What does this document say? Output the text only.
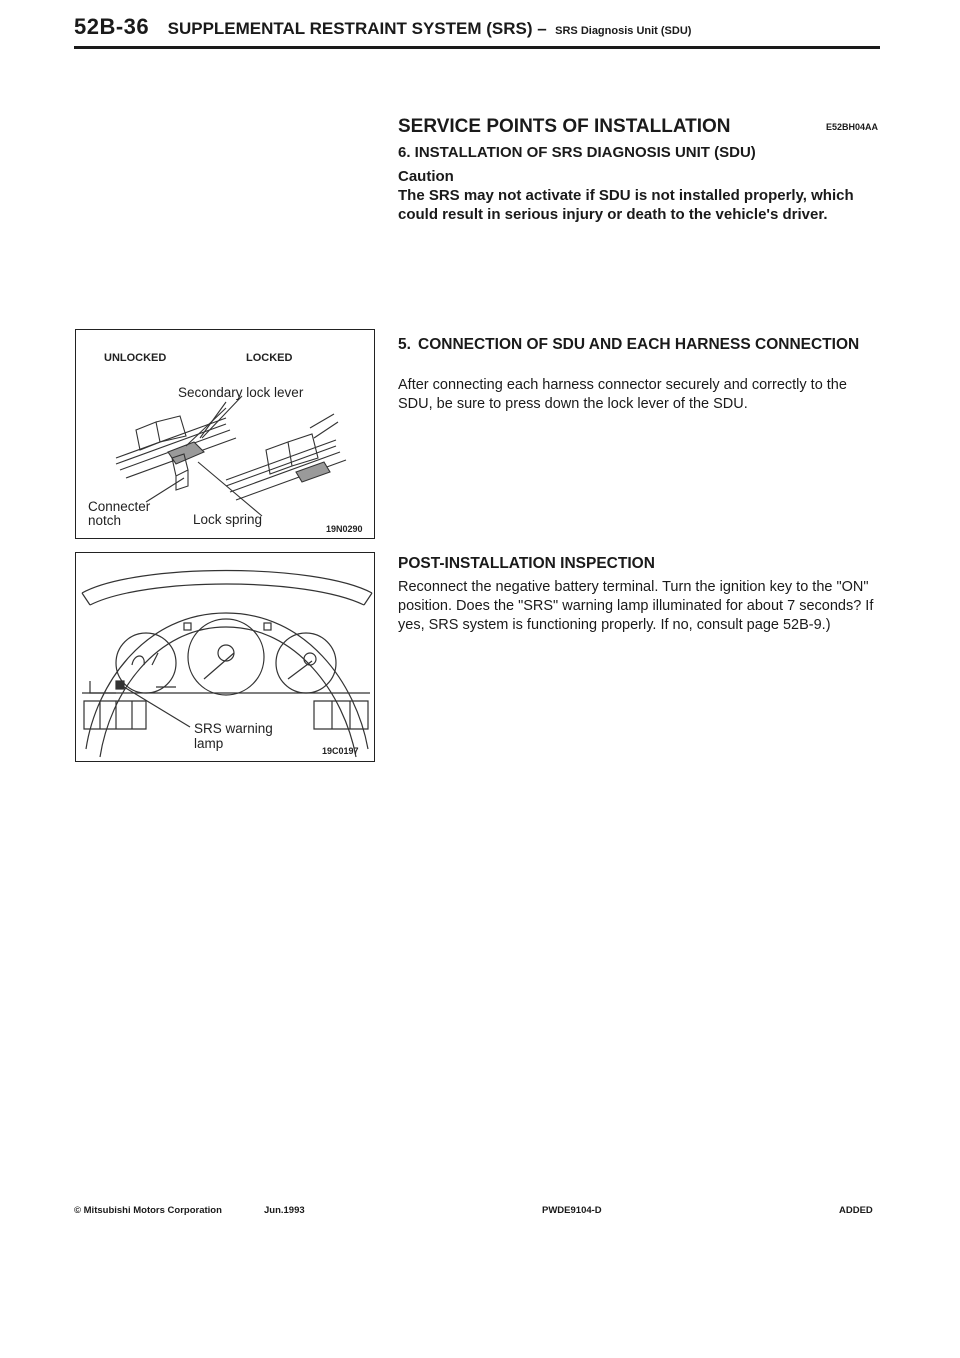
52B-36 SUPPLEMENTAL RESTRAINT SYSTEM (SRS) – SRS Diagnosis Unit (SDU)
SERVICE POINTS OF INSTALLATION	E52BH04AA
6. INSTALLATION OF SRS DIAGNOSIS UNIT (SDU)
Caution
The SRS may not activate if SDU is not installed properly, which could result in serious injury or death to the vehicle's driver.
5. CONNECTION OF SDU AND EACH HARNESS CONNECTION
After connecting each harness connector securely and correctly to the SDU, be sure to press down the lock lever of the SDU.
POST-INSTALLATION INSPECTION
Reconnect the negative battery terminal. Turn the ignition key to the "ON" position. Does the "SRS" warning lamp illuminated for about 7 seconds? If yes, SRS system is functioning properly. If no, consult page 52B-9.)
UNLOCKED	LOCKED
Secondary lock lever
Connecter
notch	Lock spring
19N0290
SRS warning
lamp	19C0197
© Mitsubishi Motors Corporation	Jun.1993	PWDE9104-D	ADDED
